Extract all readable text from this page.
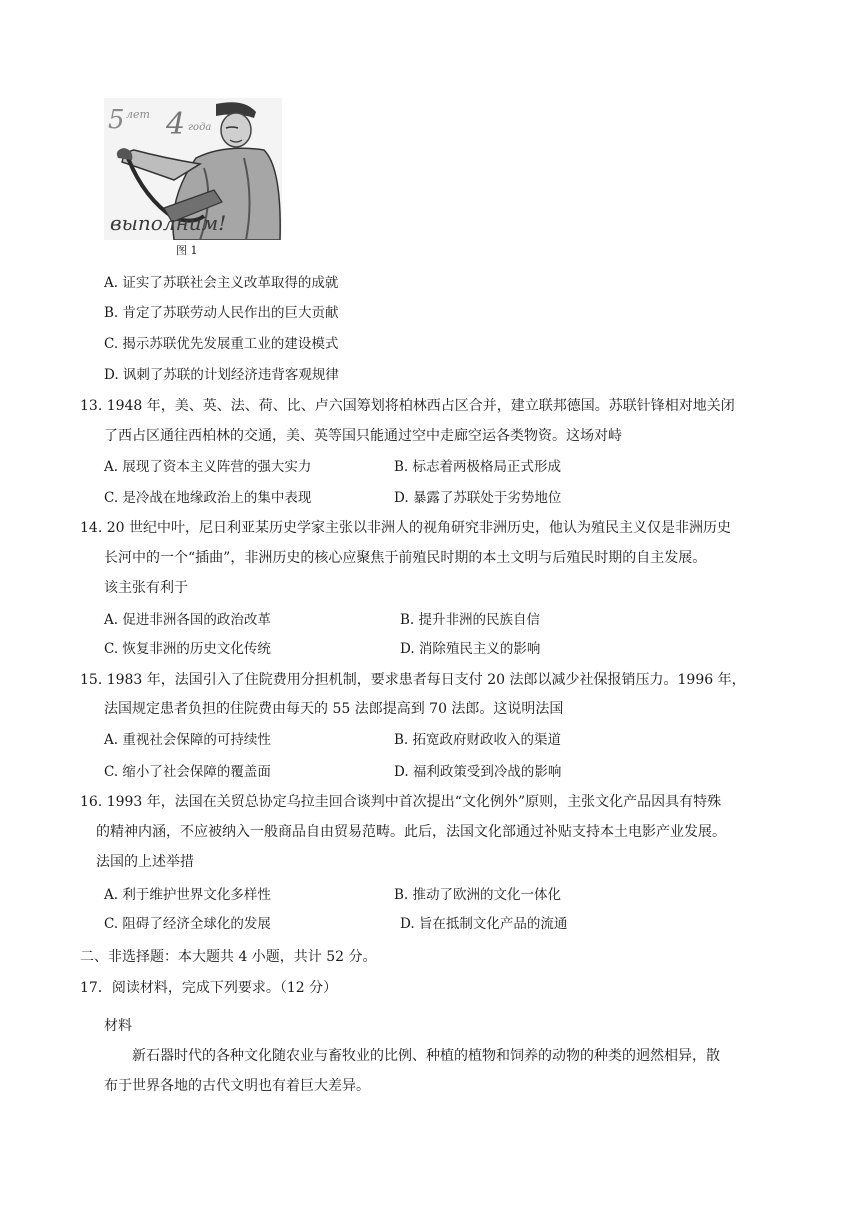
5 лет 4 года
выполним!
图 1
A. 证实了苏联社会主义改革取得的成就
B. 肯定了苏联劳动人民作出的巨大贡献
C. 揭示苏联优先发展重工业的建设模式
D. 讽刺了苏联的计划经济违背客观规律
13. 1948 年，美、英、法、荷、比、卢六国筹划将柏林西占区合并，建立联邦德国。苏联针锋相对地关闭
了西占区通往西柏林的交通，美、英等国只能通过空中走廊空运各类物资。这场对峙
A. 展现了资本主义阵营的强大实力	B. 标志着两极格局正式形成
C. 是冷战在地缘政治上的集中表现	D. 暴露了苏联处于劣势地位
14. 20 世纪中叶，尼日利亚某历史学家主张以非洲人的视角研究非洲历史，他认为殖民主义仅是非洲历史
长河中的一个“插曲”，非洲历史的核心应聚焦于前殖民时期的本土文明与后殖民时期的自主发展。
该主张有利于
A. 促进非洲各国的政治改革	B. 提升非洲的民族自信
C. 恢复非洲的历史文化传统	D. 消除殖民主义的影响
15. 1983 年，法国引入了住院费用分担机制，要求患者每日支付 20 法郎以减少社保报销压力。1996 年，
法国规定患者负担的住院费由每天的 55 法郎提高到 70 法郎。这说明法国
A. 重视社会保障的可持续性	B. 拓宽政府财政收入的渠道
C. 缩小了社会保障的覆盖面	D. 福利政策受到冷战的影响
16. 1993 年，法国在关贸总协定乌拉圭回合谈判中首次提出“文化例外”原则，主张文化产品因具有特殊
的精神内涵，不应被纳入一般商品自由贸易范畴。此后，法国文化部通过补贴支持本土电影产业发展。
法国的上述举措
A. 利于维护世界文化多样性	B. 推动了欧洲的文化一体化
C. 阻碍了经济全球化的发展	D. 旨在抵制文化产品的流通
二、非选择题：本大题共 4 小题，共计 52 分。
17．阅读材料，完成下列要求。（12 分）
材料
新石器时代的各种文化随农业与畜牧业的比例、种植的植物和饲养的动物的种类的迥然相异，散
布于世界各地的古代文明也有着巨大差异。
